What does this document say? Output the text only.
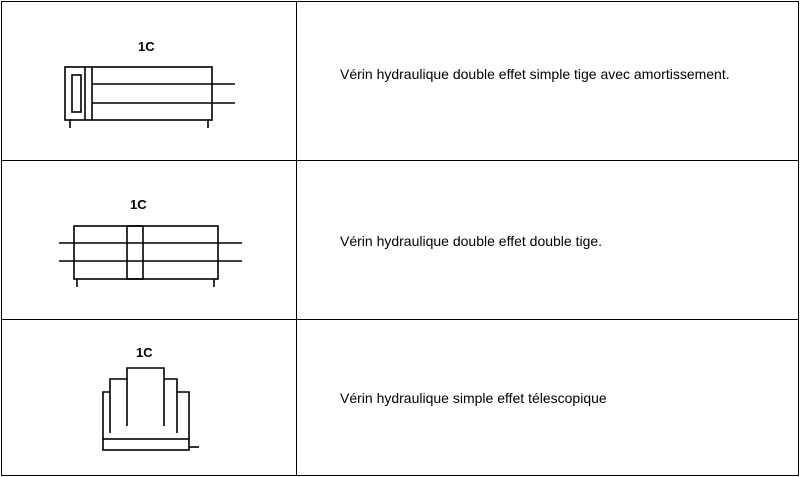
1C
Vérin hydraulique double effet simple tige avec amortissement.
1C
Vérin hydraulique double effet double tige.
1C
Vérin hydraulique simple effet télescopique
